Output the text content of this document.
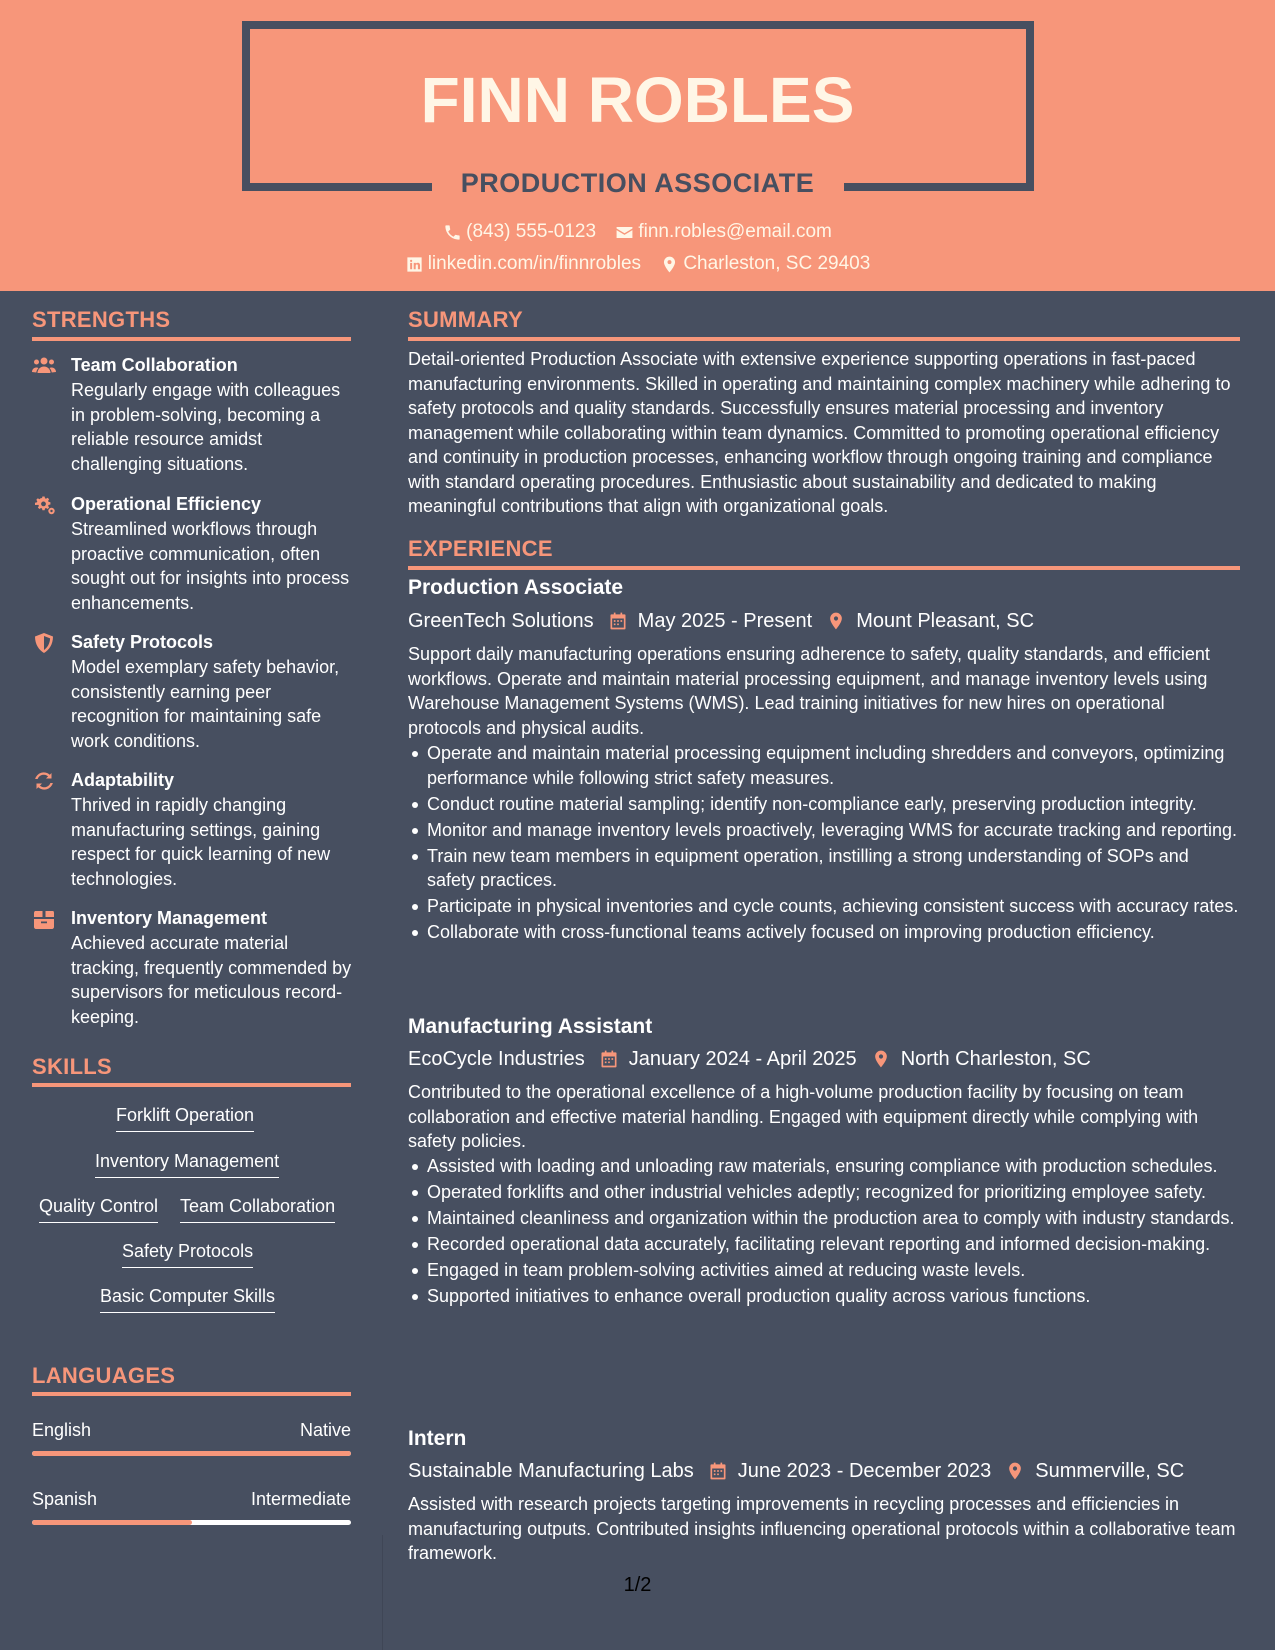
FINN ROBLES
PRODUCTION ASSOCIATE
(843) 555-0123
finn.robles@email.com
linkedin.com/in/finnrobles
Charleston, SC 29403
STRENGTHS
Team Collaboration
Regularly engage with colleagues in problem-solving, becoming a reliable resource amidst challenging situations.
Operational Efficiency
Streamlined workflows through proactive communication, often sought out for insights into process enhancements.
Safety Protocols
Model exemplary safety behavior, consistently earning peer recognition for maintaining safe work conditions.
Adaptability
Thrived in rapidly changing manufacturing settings, gaining respect for quick learning of new technologies.
Inventory Management
Achieved accurate material tracking, frequently commended by supervisors for meticulous record-keeping.
SKILLS
Forklift Operation
Inventory Management
Quality Control Team Collaboration
Safety Protocols
Basic Computer Skills
LANGUAGES
English	Native
Spanish	Intermediate
SUMMARY
Detail-oriented Production Associate with extensive experience supporting operations in fast-paced manufacturing environments. Skilled in operating and maintaining complex machinery while adhering to safety protocols and quality standards. Successfully ensures material processing and inventory management while collaborating within team dynamics. Committed to promoting operational efficiency and continuity in production processes, enhancing workflow through ongoing training and compliance with standard operating procedures. Enthusiastic about sustainability and dedicated to making meaningful contributions that align with organizational goals.
EXPERIENCE
Production Associate
GreenTech Solutions May 2025 - Present Mount Pleasant, SC
Support daily manufacturing operations ensuring adherence to safety, quality standards, and efficient workflows. Operate and maintain material processing equipment, and manage inventory levels using Warehouse Management Systems (WMS). Lead training initiatives for new hires on operational protocols and physical audits.
Operate and maintain material processing equipment including shredders and conveyors, optimizing performance while following strict safety measures.
Conduct routine material sampling; identify non-compliance early, preserving production integrity.
Monitor and manage inventory levels proactively, leveraging WMS for accurate tracking and reporting.
Train new team members in equipment operation, instilling a strong understanding of SOPs and safety practices.
Participate in physical inventories and cycle counts, achieving consistent success with accuracy rates.
Collaborate with cross-functional teams actively focused on improving production efficiency.
Manufacturing Assistant
EcoCycle Industries January 2024 - April 2025 North Charleston, SC
Contributed to the operational excellence of a high-volume production facility by focusing on team collaboration and effective material handling. Engaged with equipment directly while complying with safety policies.
Assisted with loading and unloading raw materials, ensuring compliance with production schedules.
Operated forklifts and other industrial vehicles adeptly; recognized for prioritizing employee safety.
Maintained cleanliness and organization within the production area to comply with industry standards.
Recorded operational data accurately, facilitating relevant reporting and informed decision-making.
Engaged in team problem-solving activities aimed at reducing waste levels.
Supported initiatives to enhance overall production quality across various functions.
Intern
Sustainable Manufacturing Labs June 2023 - December 2023 Summerville, SC
Assisted with research projects targeting improvements in recycling processes and efficiencies in manufacturing outputs. Contributed insights influencing operational protocols within a collaborative team framework.
1/2
